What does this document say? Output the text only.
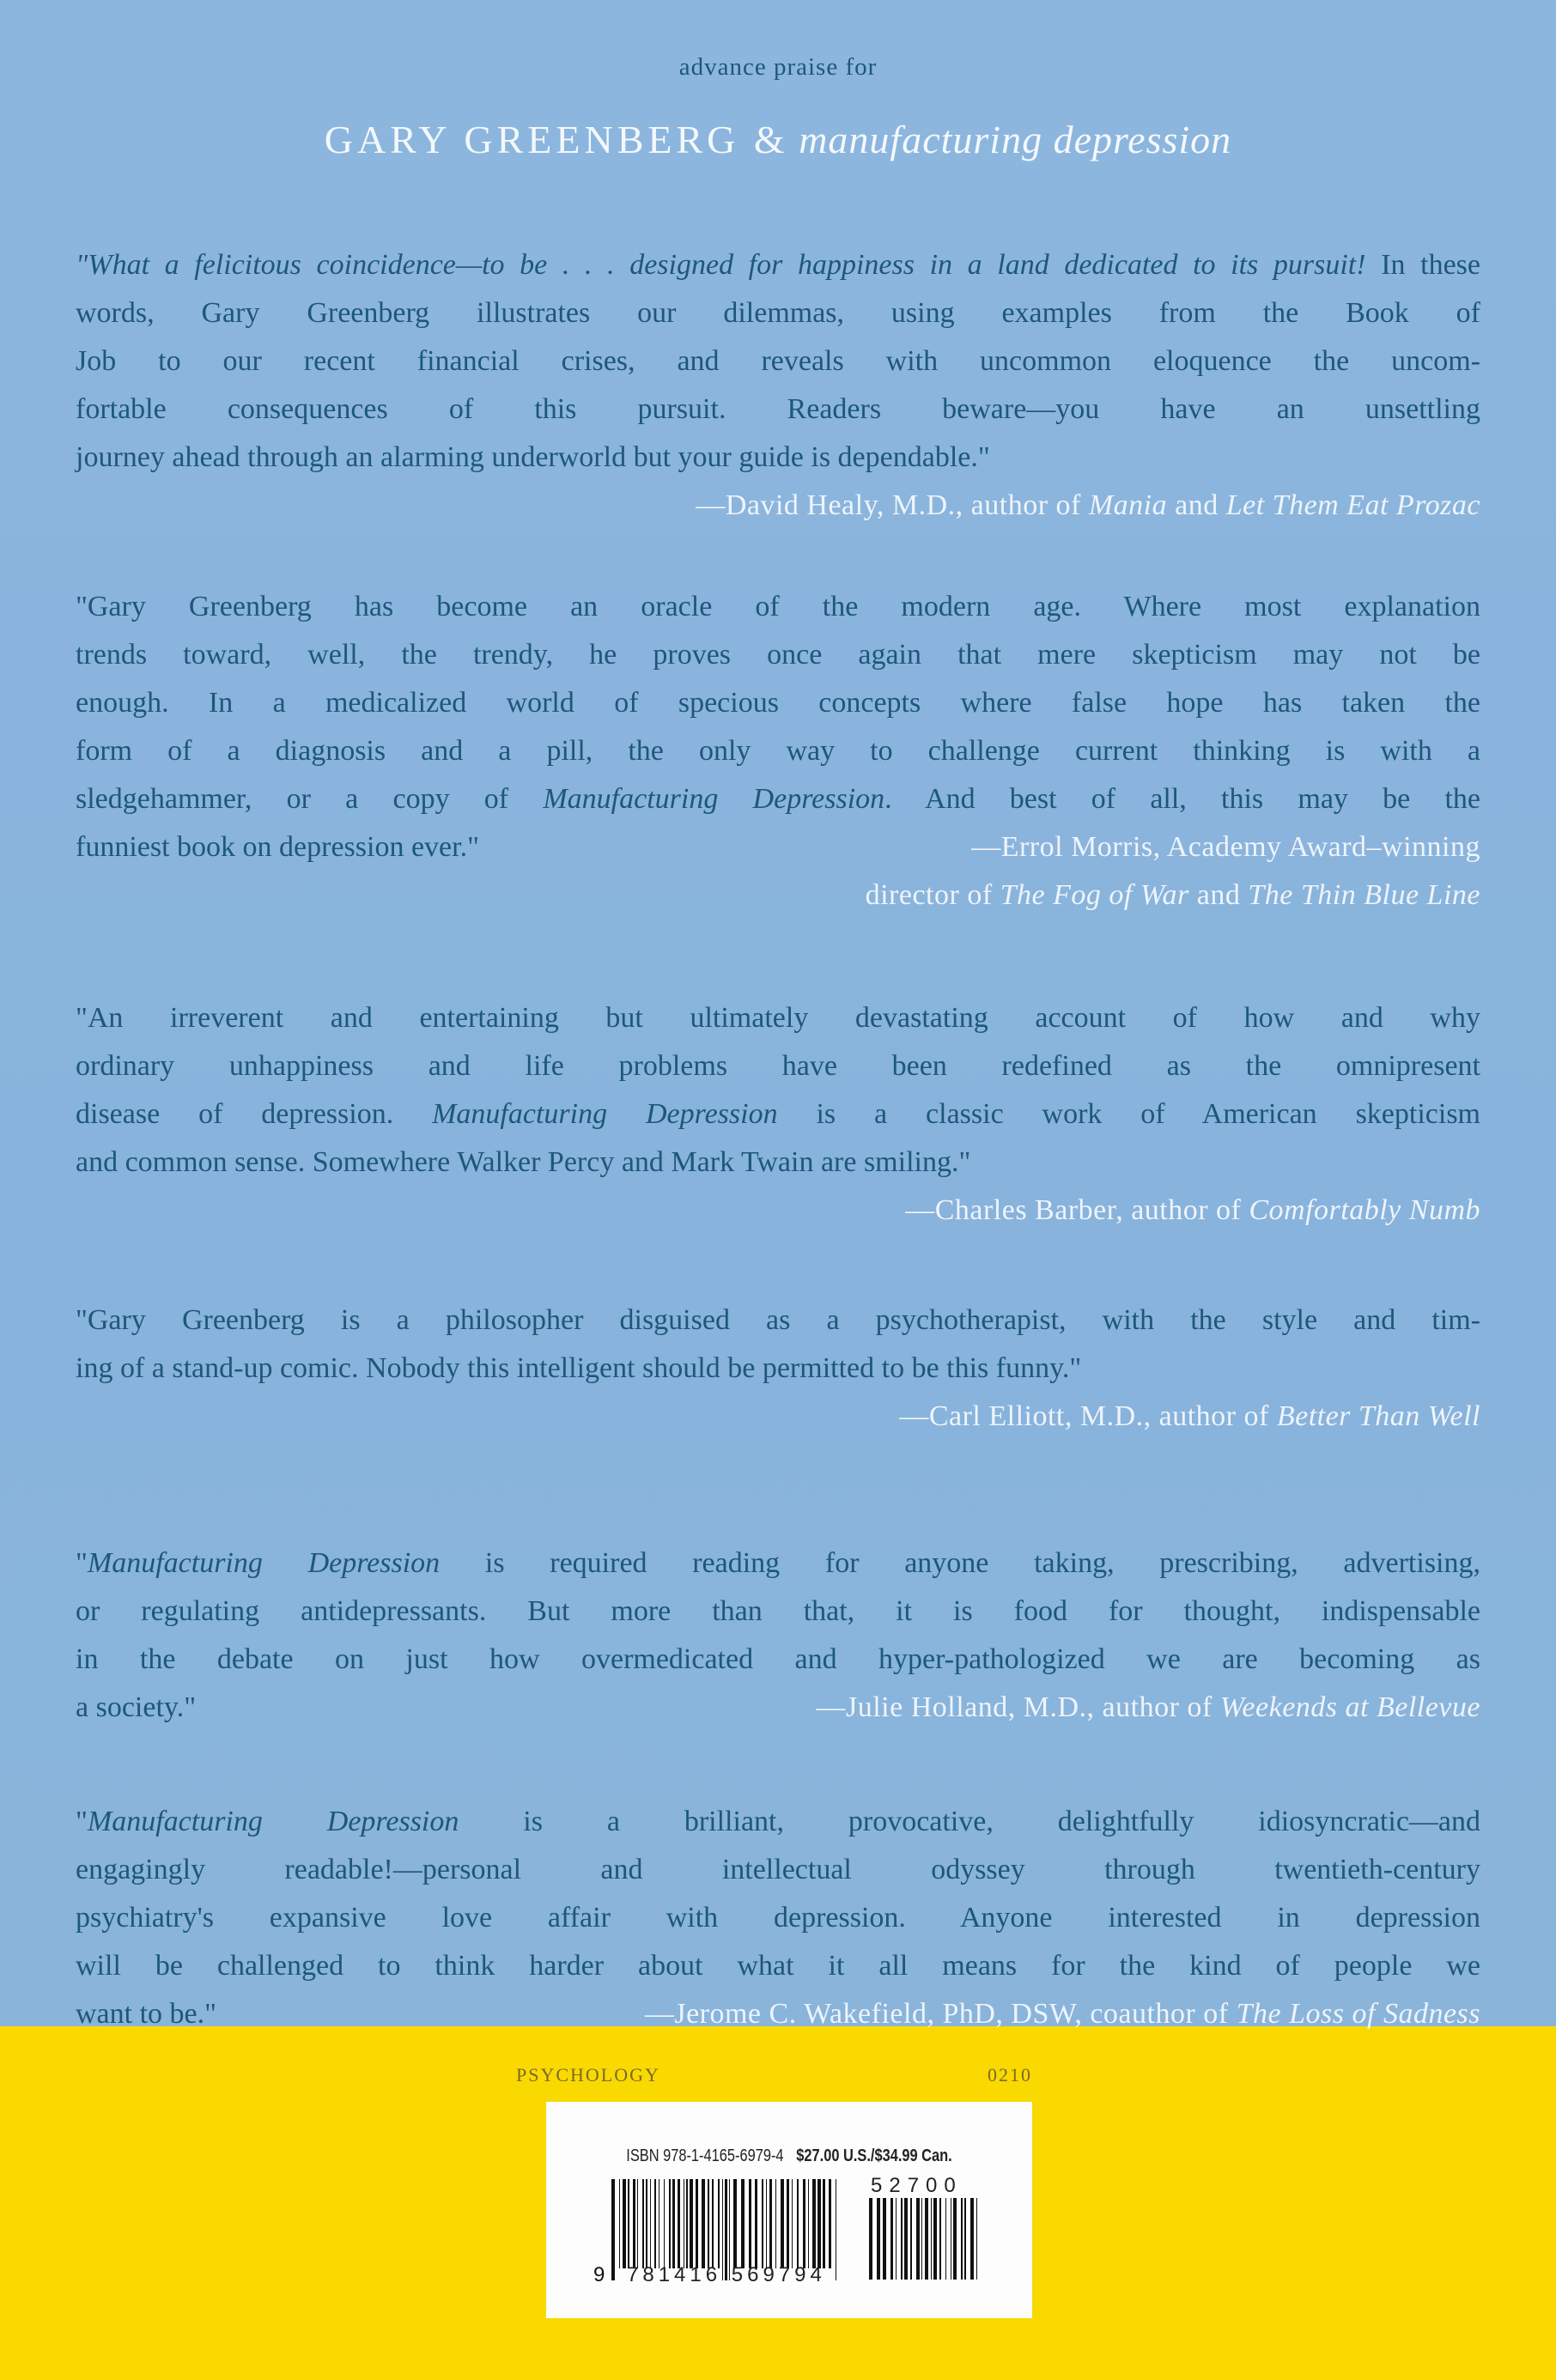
advance praise for
GARY GREENBERG & manufacturing depression
"What a felicitous coincidence—to be . . . designed for happiness in a land dedicated to its pursuit! In these
words, Gary Greenberg illustrates our dilemmas, using examples from the Book of
Job to our recent financial crises, and reveals with uncommon eloquence the uncom-
fortable consequences of this pursuit. Readers beware—you have an unsettling
journey ahead through an alarming underworld but your guide is dependable."
—David Healy, M.D., author of Mania and Let Them Eat Prozac
"Gary Greenberg has become an oracle of the modern age. Where most explanation
trends toward, well, the trendy, he proves once again that mere skepticism may not be
enough. In a medicalized world of specious concepts where false hope has taken the
form of a diagnosis and a pill, the only way to challenge current thinking is with a
sledgehammer, or a copy of Manufacturing Depression. And best of all, this may be the
funniest book on depression ever."	—Errol Morris, Academy Award–winning
director of The Fog of War and The Thin Blue Line
"An irreverent and entertaining but ultimately devastating account of how and why
ordinary unhappiness and life problems have been redefined as the omnipresent
disease of depression. Manufacturing Depression is a classic work of American skepticism
and common sense. Somewhere Walker Percy and Mark Twain are smiling."
—Charles Barber, author of Comfortably Numb
"Gary Greenberg is a philosopher disguised as a psychotherapist, with the style and tim-
ing of a stand-up comic. Nobody this intelligent should be permitted to be this funny."
—Carl Elliott, M.D., author of Better Than Well
"Manufacturing Depression is required reading for anyone taking, prescribing, advertising,
or regulating antidepressants. But more than that, it is food for thought, indispensable
in the debate on just how overmedicated and hyper-pathologized we are becoming as
a society."	—Julie Holland, M.D., author of Weekends at Bellevue
"Manufacturing Depression is a brilliant, provocative, delightfully idiosyncratic—and
engagingly readable!—personal and intellectual odyssey through twentieth-century
psychiatry's expansive love affair with depression. Anyone interested in depression
will be challenged to think harder about what it all means for the kind of people we
want to be."	—Jerome C. Wakefield, PhD, DSW, coauthor of The Loss of Sadness
PSYCHOLOGY	0210
ISBN 978-1-4165-6979-4 $27.00 U.S./$34.99 Can.
9 781416 569794
52700
